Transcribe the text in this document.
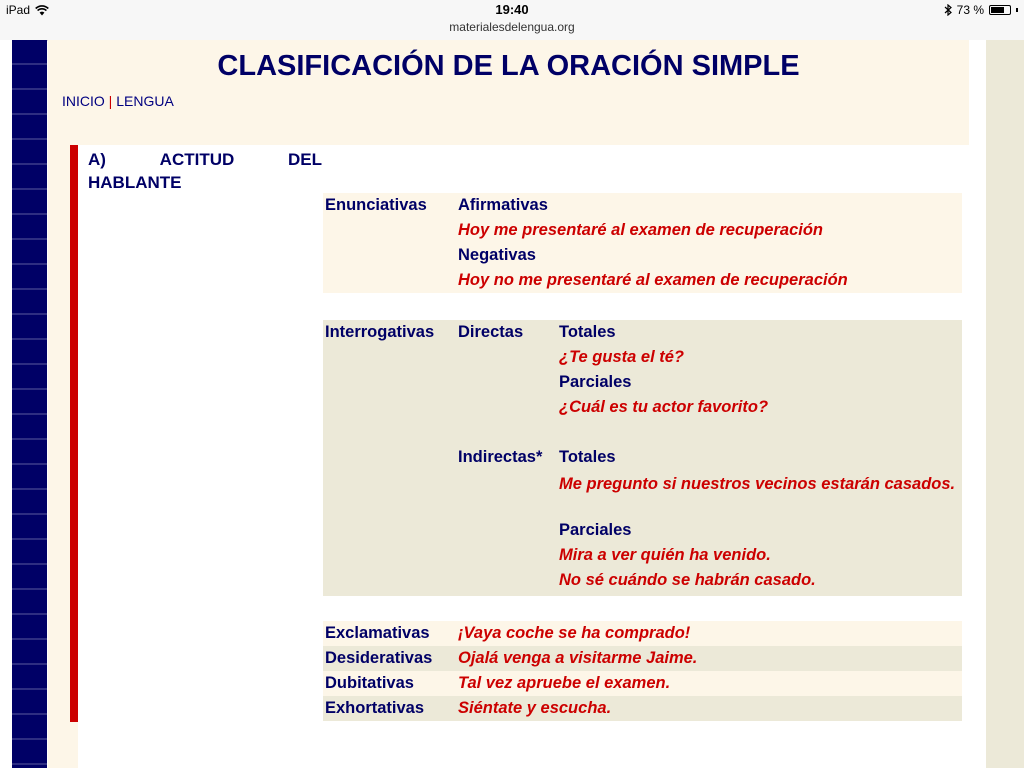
iPad	19:40
materialesdelengua.org
73 %
CLASIFICACIÓN DE LA ORACIÓN SIMPLE
INICIO | LENGUA
A)	ACTITUD	DEL
HABLANTE
Enunciativas Afirmativas
Hoy me presentaré al examen de recuperación
Negativas
Hoy no me presentaré al examen de recuperación
Interrogativas Directas Totales
¿Te gusta el té?
Parciales
¿Cuál es tu actor favorito?
Indirectas* Totales
Me pregunto si nuestros vecinos estarán casados.
Parciales
Mira a ver quién ha venido.
No sé cuándo se habrán casado.
Exclamativas ¡Vaya coche se ha comprado!
Desiderativas Ojalá venga a visitarme Jaime.
Dubitativas	Tal vez apruebe el examen.
Exhortativas Siéntate y escucha.
